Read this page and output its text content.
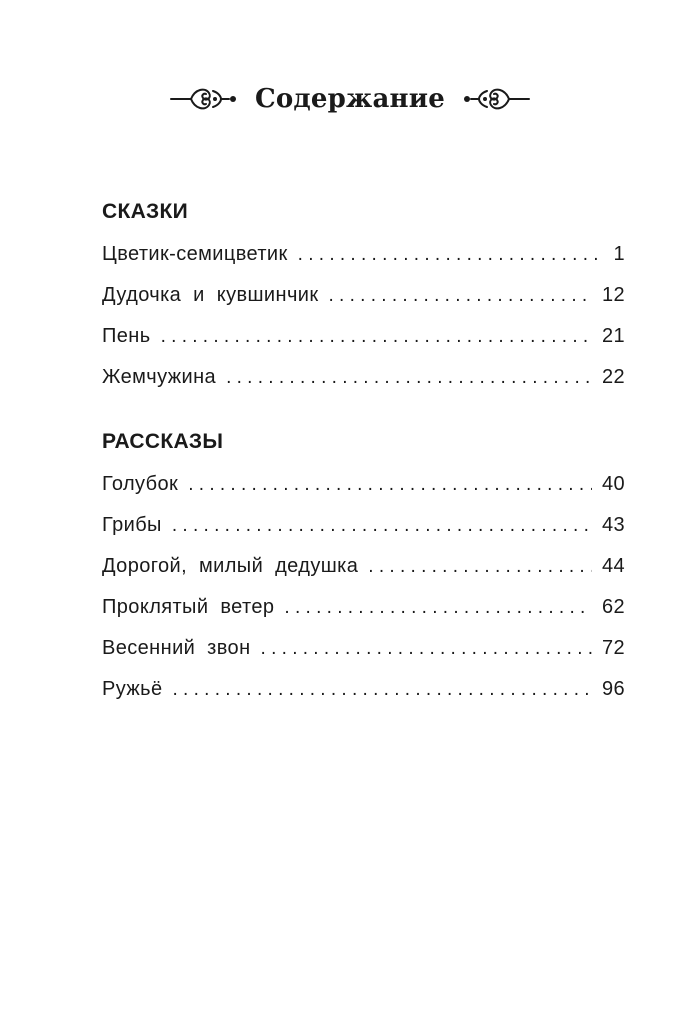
Содержание
СКАЗКИ
Цветик-семицветик . . .	1
Дудочка и кувшинчик . . .	12
Пень . . .	21
Жемчужина . . .	22
РАССКАЗЫ
Голубок . . .	40
Грибы . . .	43
Дорогой, милый дедушка . . .	44
Проклятый ветер . . .	62
Весенний звон . . .	72
Ружьё . . .	96
